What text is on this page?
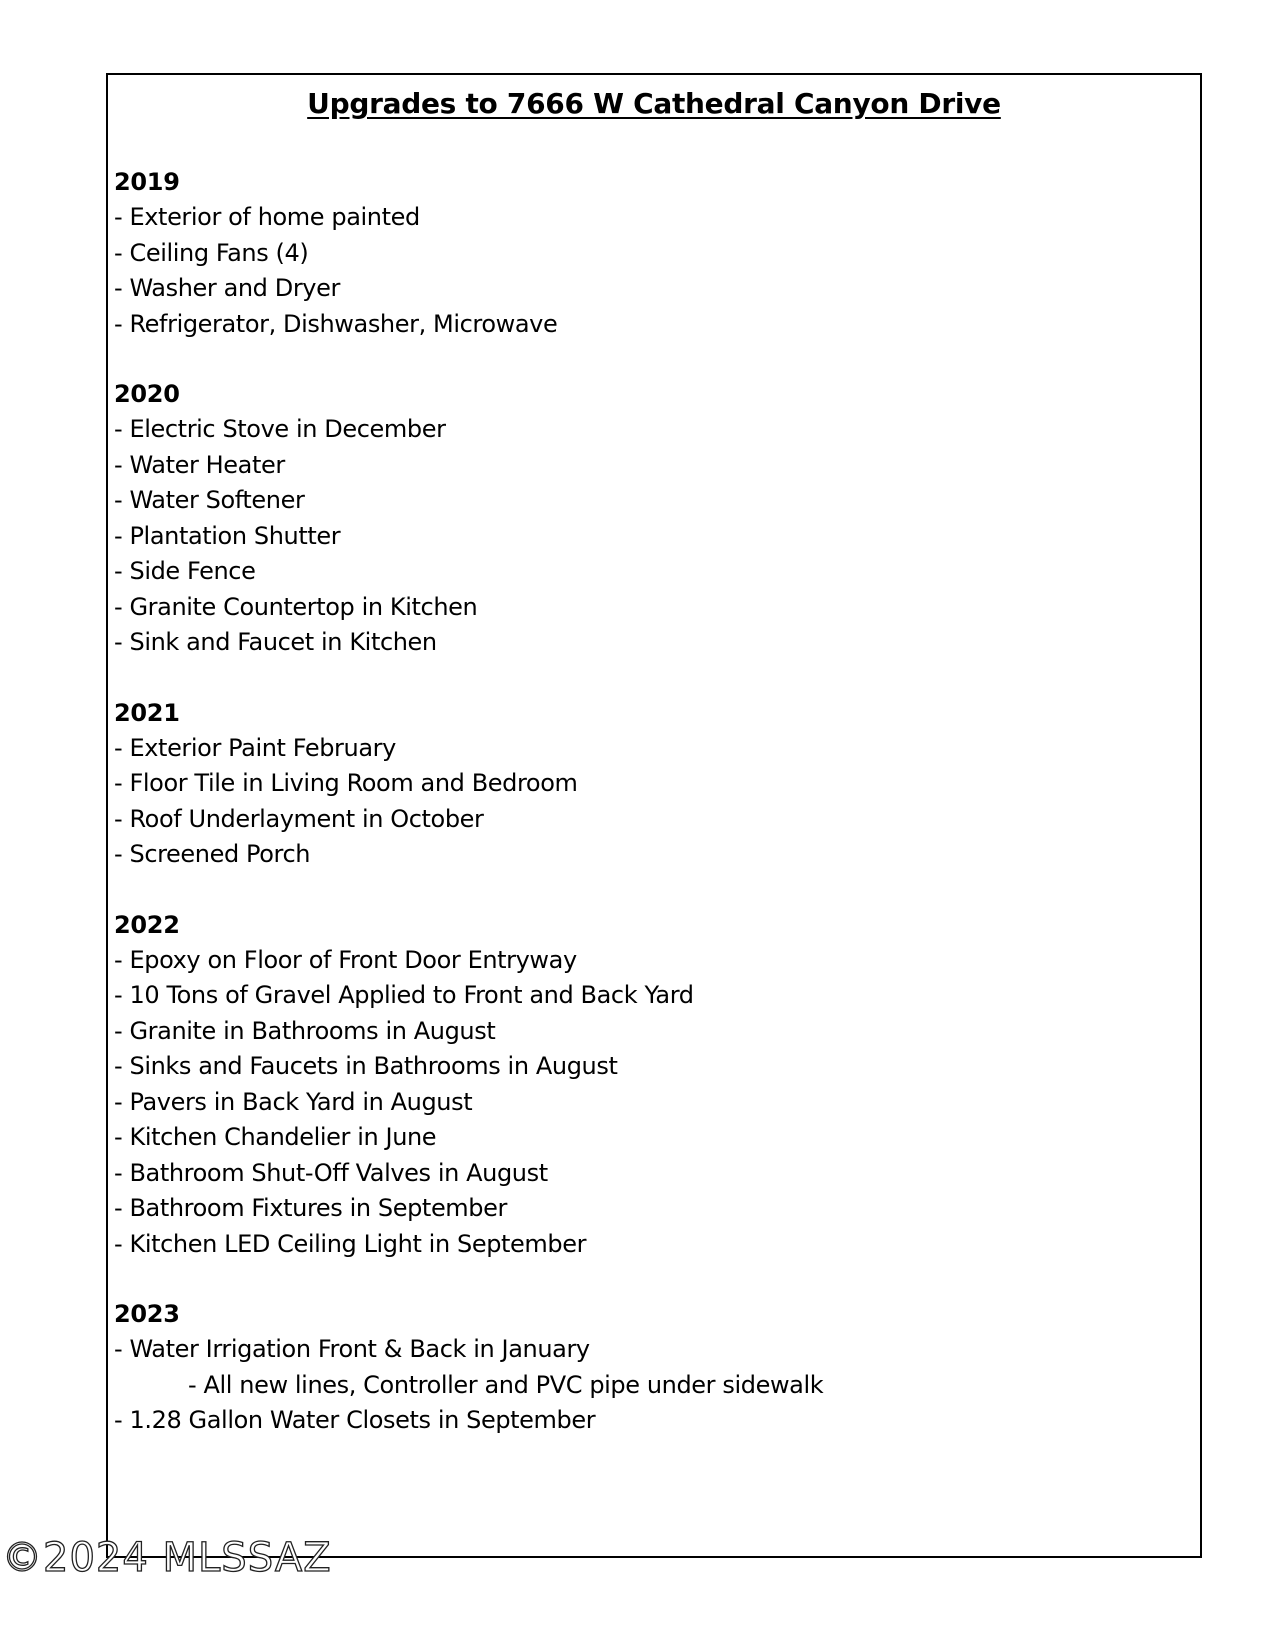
Upgrades to 7666 W Cathedral Canyon Drive
2019
- Exterior of home painted
- Ceiling Fans (4)
- Washer and Dryer
- Refrigerator, Dishwasher, Microwave
2020
- Electric Stove in December
- Water Heater
- Water Softener
- Plantation Shutter
- Side Fence
- Granite Countertop in Kitchen
- Sink and Faucet in Kitchen
2021
- Exterior Paint February
- Floor Tile in Living Room and Bedroom
- Roof Underlayment in October
- Screened Porch
2022
- Epoxy on Floor of Front Door Entryway
- 10 Tons of Gravel Applied to Front and Back Yard
- Granite in Bathrooms in August
- Sinks and Faucets in Bathrooms in August
- Pavers in Back Yard in August
- Kitchen Chandelier in June
- Bathroom Shut-Off Valves in August
- Bathroom Fixtures in September
- Kitchen LED Ceiling Light in September
2023
- Water Irrigation Front & Back in January
- All new lines, Controller and PVC pipe under sidewalk
- 1.28 Gallon Water Closets in September
©2024 MLSSAZ
